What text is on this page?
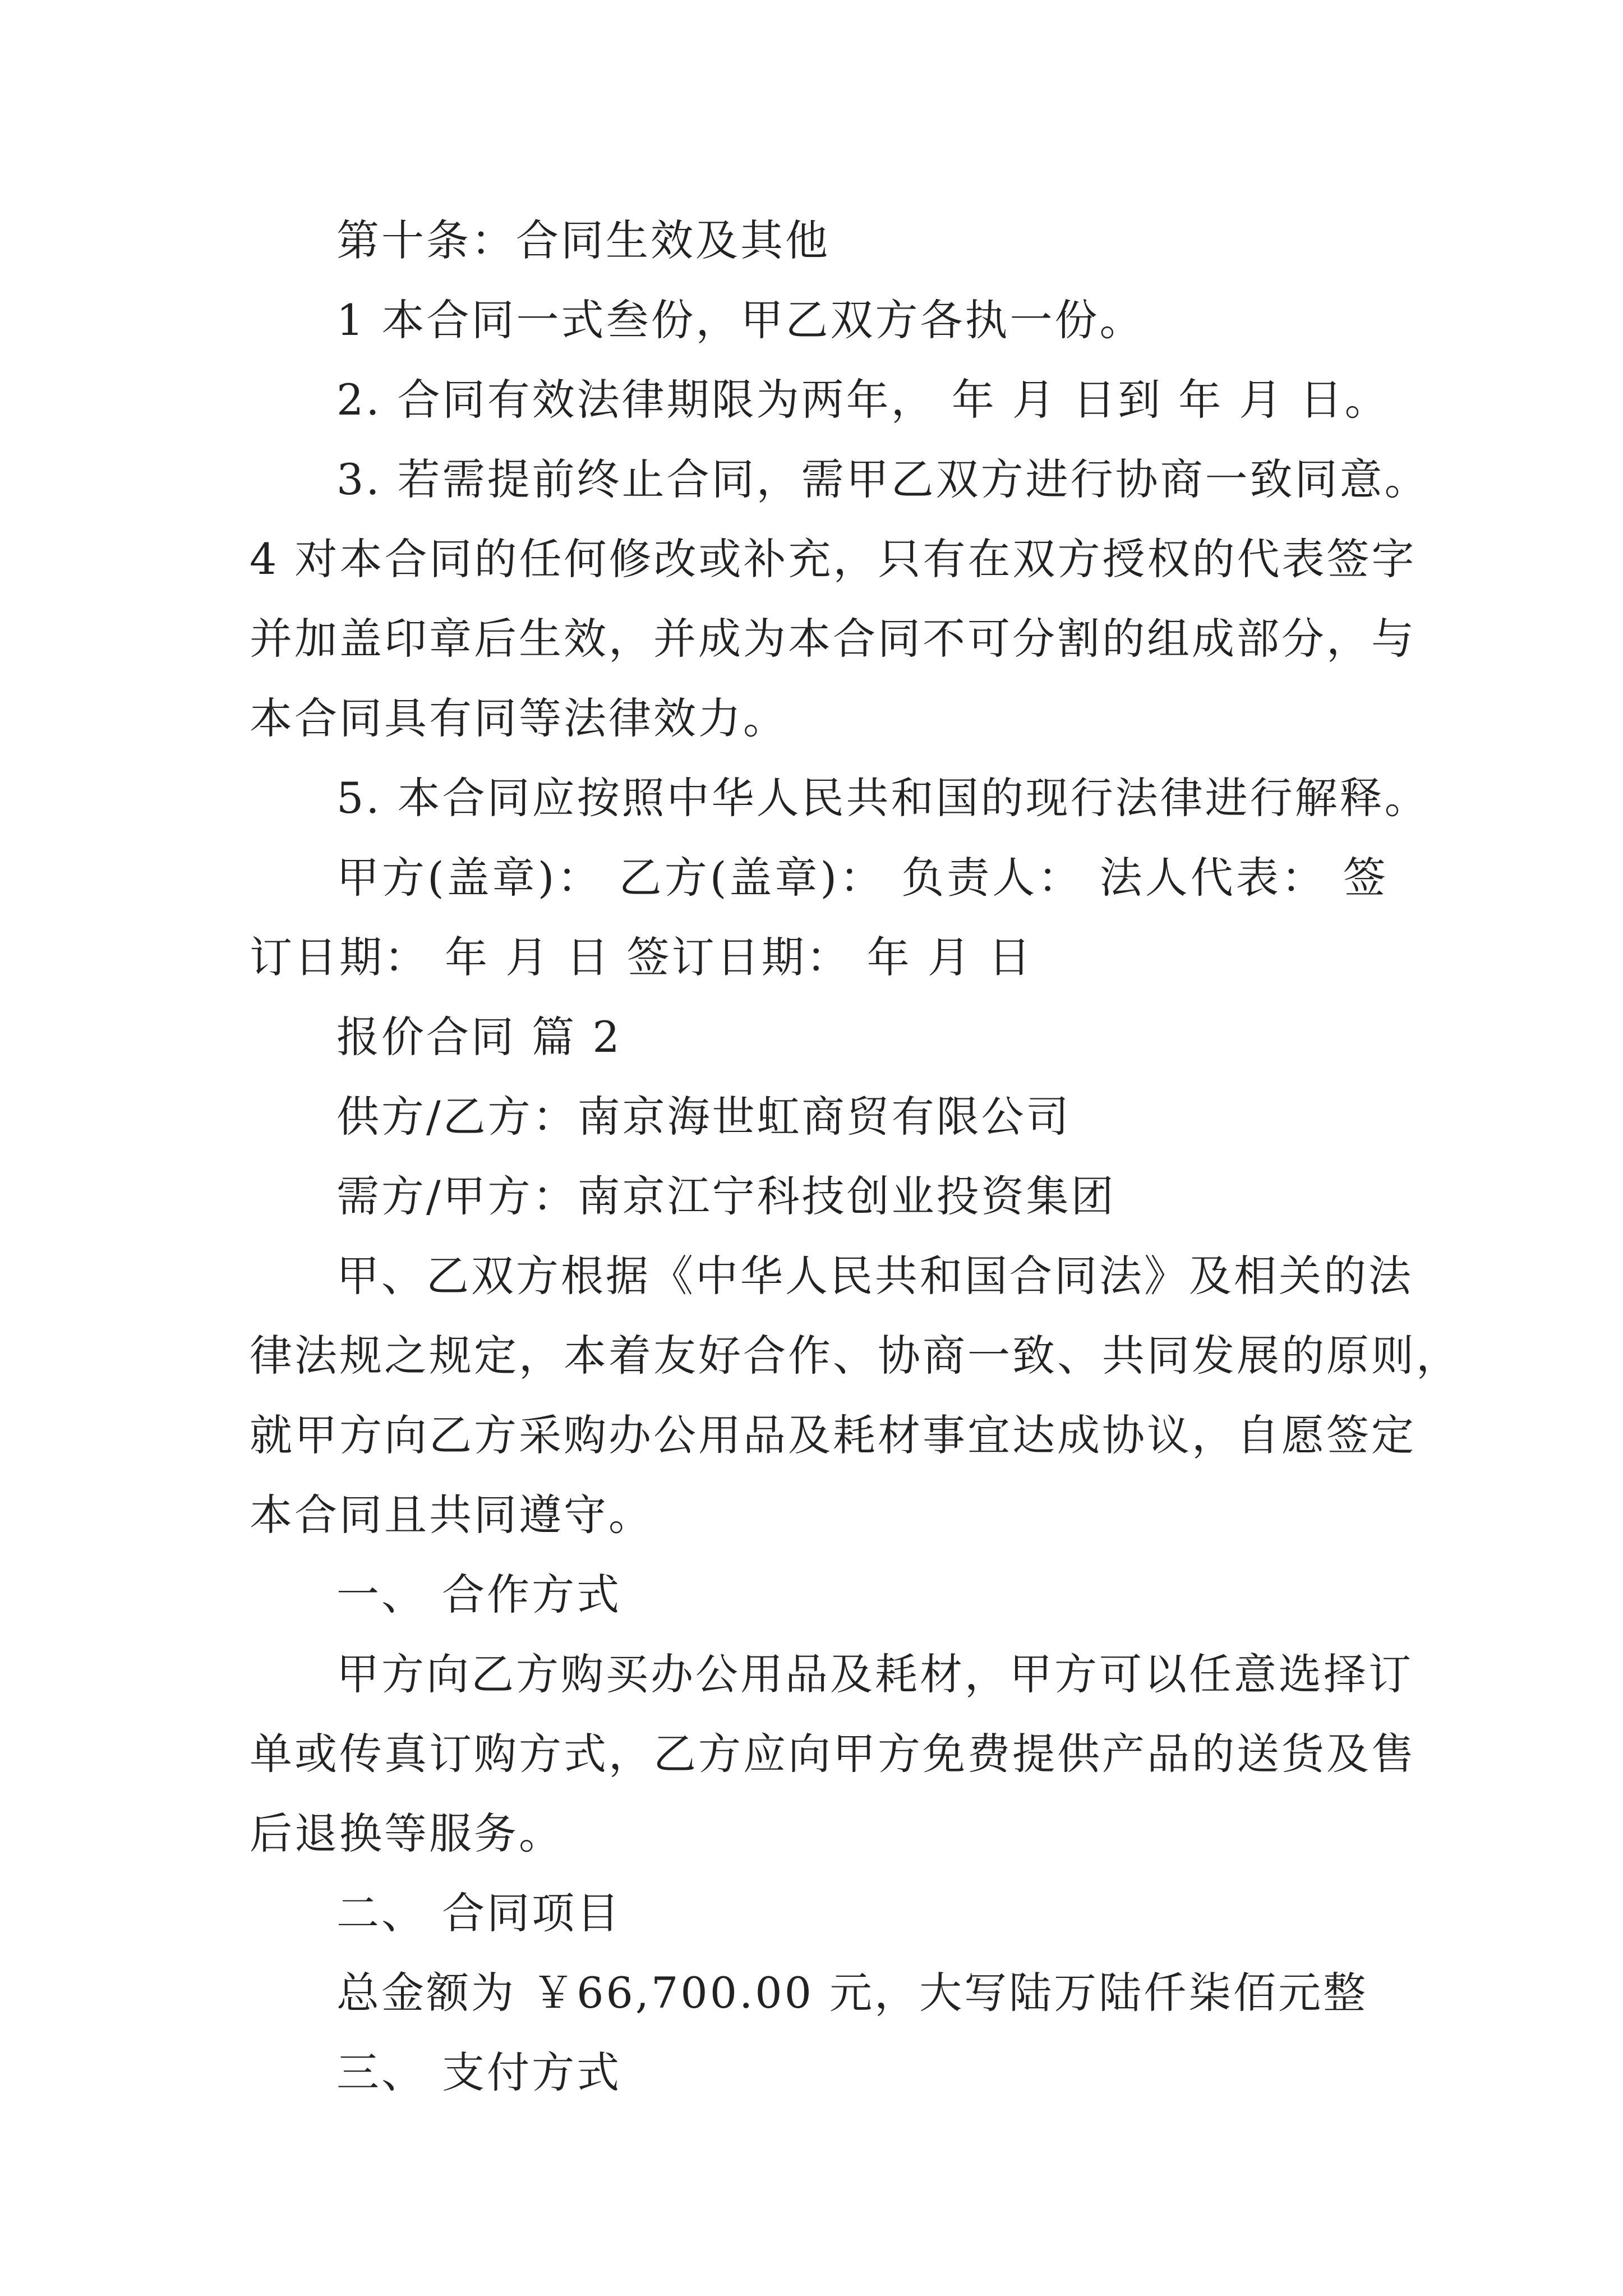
第十条：合同生效及其他
1 本合同一式叁份，甲乙双方各执一份。
2. 合同有效法律期限为两年， 年 月 日到 年 月 日。
3. 若需提前终止合同，需甲乙双方进行协商一致同意。
4 对本合同的任何修改或补充，只有在双方授权的代表签字
并加盖印章后生效，并成为本合同不可分割的组成部分，与
本合同具有同等法律效力。
5. 本合同应按照中华人民共和国的现行法律进行解释。
甲方(盖章)： 乙方(盖章)： 负责人： 法人代表： 签
订日期： 年 月 日 签订日期： 年 月 日
报价合同 篇 2
供方/乙方：南京海世虹商贸有限公司
需方/甲方：南京江宁科技创业投资集团
甲、乙双方根据《中华人民共和国合同法》及相关的法
律法规之规定，本着友好合作、协商一致、共同发展的原则，
就甲方向乙方采购办公用品及耗材事宜达成协议，自愿签定
本合同且共同遵守。
一、 合作方式
甲方向乙方购买办公用品及耗材，甲方可以任意选择订
单或传真订购方式，乙方应向甲方免费提供产品的送货及售
后退换等服务。
二、 合同项目
总金额为 ￥66,700.00 元，大写陆万陆仟柒佰元整
三、 支付方式
